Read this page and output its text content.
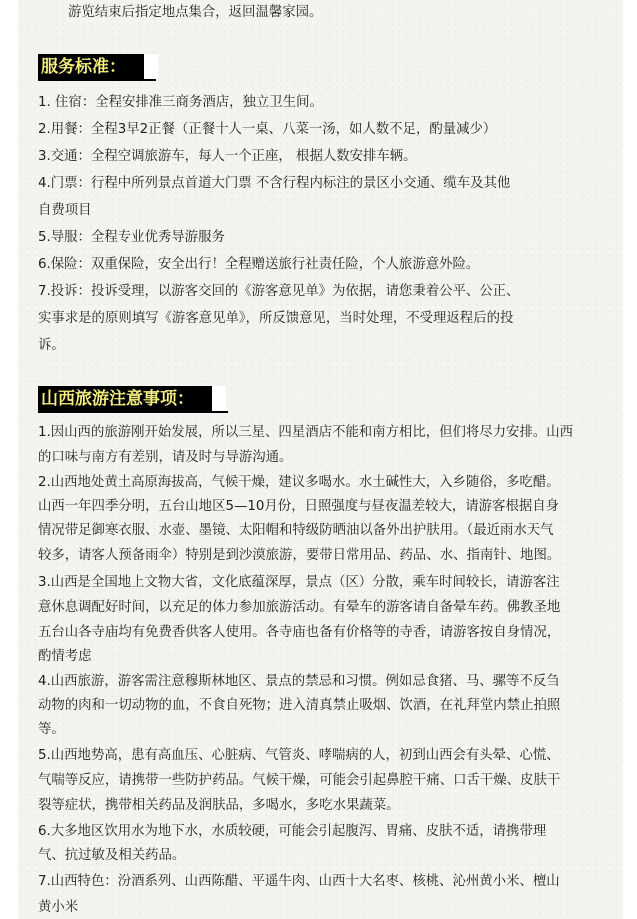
游览结束后指定地点集合，返回温馨家园。
服务标准：
1. 住宿：全程安排准三商务酒店，独立卫生间。
2.用餐：全程3早2正餐（正餐十人一桌、八菜一汤，如人数不足，酌量减少）
3.交通：全程空调旅游车，每人一个正座， 根据人数安排车辆。
4.门票：行程中所列景点首道大门票 不含行程内标注的景区小交通、缆车及其他
自费项目
5.导服：全程专业优秀导游服务
6.保险：双重保险，安全出行！全程赠送旅行社责任险，个人旅游意外险。
7.投诉：投诉受理，以游客交回的《游客意见单》为依据，请您秉着公平、公正、
实事求是的原则填写《游客意见单》，所反馈意见，当时处理，不受理返程后的投
诉。
山西旅游注意事项：
1.因山西的旅游刚开始发展，所以三星、四星酒店不能和南方相比，但们将尽力安排。山西
的口味与南方有差别，请及时与导游沟通。
2.山西地处黄土高原海拔高，气候干燥，建议多喝水。水土碱性大，入乡随俗，多吃醋。
山西一年四季分明，五台山地区5—10月份，日照强度与昼夜温差较大，请游客根据自身
情况带足御寒衣服、水壶、墨镜、太阳帽和特级防晒油以备外出护肤用。（最近雨水天气
较多，请客人预备雨伞）特别是到沙漠旅游，要带日常用品、药品、水、指南针、地图。
3.山西是全国地上文物大省，文化底蕴深厚，景点（区）分散，乘车时间较长，请游客注
意休息调配好时间，以充足的体力参加旅游活动。有晕车的游客请自备晕车药。佛教圣地
五台山各寺庙均有免费香供客人使用。各寺庙也备有价格等的寺香，请游客按自身情况，
酌情考虑
4.山西旅游，游客需注意穆斯林地区、景点的禁忌和习惯。例如忌食猪、马、骡等不反刍
动物的肉和一切动物的血，不食自死物；进入清真禁止吸烟、饮酒，在礼拜堂内禁止拍照
等。
5.山西地势高，患有高血压、心脏病、气管炎、哮喘病的人，初到山西会有头晕、心慌、
气喘等反应，请携带一些防护药品。气候干燥，可能会引起鼻腔干痛、口舌干燥、皮肤干
裂等症状，携带相关药品及润肤品，多喝水，多吃水果蔬菜。
6.大多地区饮用水为地下水，水质较硬，可能会引起腹泻、胃痛、皮肤不适，请携带理
气、抗过敏及相关药品。
7.山西特色：汾酒系列、山西陈醋、平遥牛肉、山西十大名枣、核桃、沁州黄小米、檀山
黄小米
